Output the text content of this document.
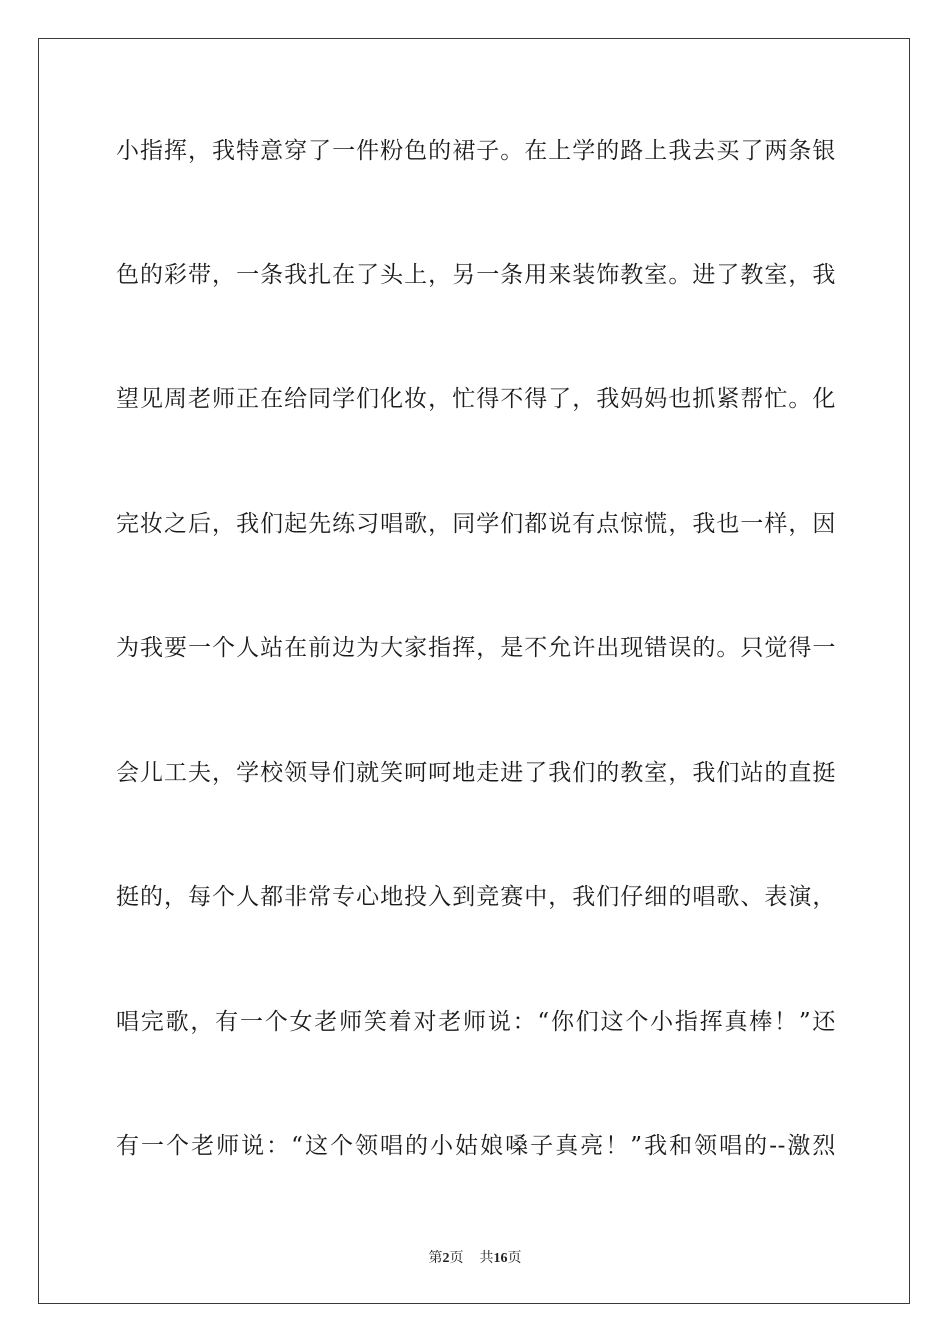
小指挥，我特意穿了一件粉色的裙子。在上学的路上我去买了两条银
色的彩带，一条我扎在了头上，另一条用来装饰教室。进了教室，我
望见周老师正在给同学们化妆，忙得不得了，我妈妈也抓紧帮忙。化
完妆之后，我们起先练习唱歌，同学们都说有点惊慌，我也一样，因
为我要一个人站在前边为大家指挥，是不允许出现错误的。只觉得一
会儿工夫，学校领导们就笑呵呵地走进了我们的教室，我们站的直挺
挺的，每个人都非常专心地投入到竞赛中，我们仔细的唱歌、表演，
唱完歌，有一个女老师笑着对老师说：“你们这个小指挥真棒！”还
有一个老师说：“这个领唱的小姑娘嗓子真亮！”我和领唱的--激烈
第2页 共16页
